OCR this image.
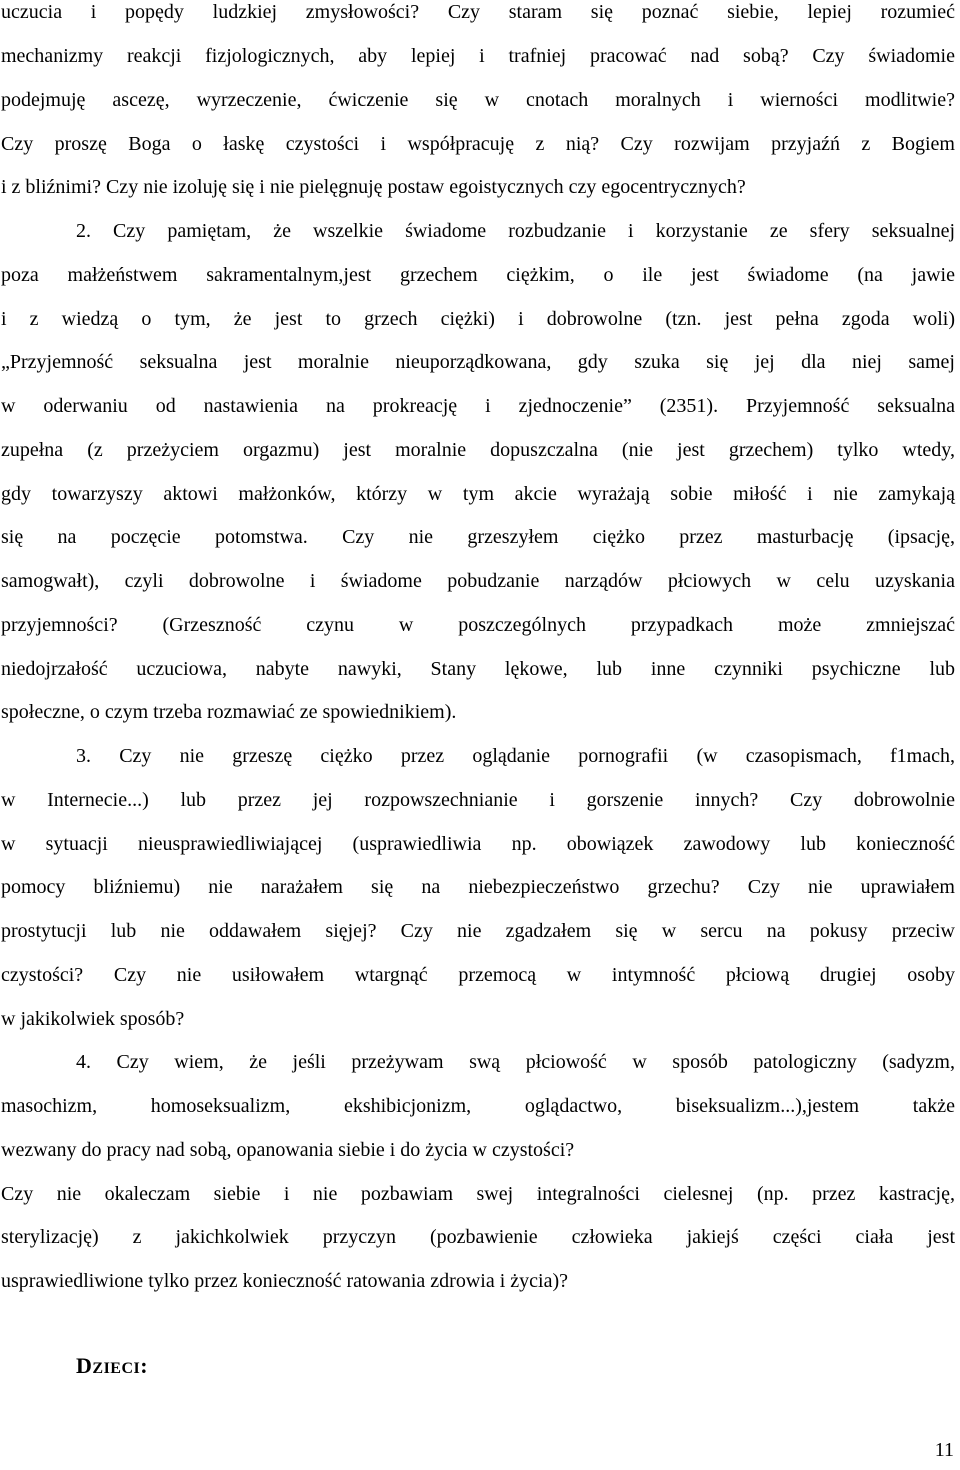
uczucia i popędy ludzkiej zmysłowości? Czy staram się poznać siebie, lepiej rozumieć
mechanizmy reakcji fizjologicznych, aby lepiej i trafniej pracować nad sobą? Czy świadomie
podejmuję ascezę, wyrzeczenie, ćwiczenie się w cnotach moralnych i wierności modlitwie?
Czy proszę Boga o łaskę czystości i współpracuję z nią? Czy rozwijam przyjaźń z Bogiem
i z bliźnimi? Czy nie izoluję się i nie pielęgnuję postaw egoistycznych czy egocentrycznych?
2. Czy pamiętam, że wszelkie świadome rozbudzanie i korzystanie ze sfery seksualnej
poza małżeństwem sakramentalnym,jest grzechem ciężkim, o ile jest świadome (na jawie
i z wiedzą o tym, że jest to grzech ciężki) i dobrowolne (tzn. jest pełna zgoda woli)
„Przyjemność seksualna jest moralnie nieuporządkowana, gdy szuka się jej dla niej samej
w oderwaniu od nastawienia na prokreację i zjednoczenie” (2351). Przyjemność seksualna
zupełna (z przeżyciem orgazmu) jest moralnie dopuszczalna (nie jest grzechem) tylko wtedy,
gdy towarzyszy aktowi małżonków, którzy w tym akcie wyrażają sobie miłość i nie zamykają
się na poczęcie potomstwa. Czy nie grzeszyłem ciężko przez masturbację (ipsację,
samogwałt), czyli dobrowolne i świadome pobudzanie narządów płciowych w celu uzyskania
przyjemności? (Grzeszność czynu w poszczególnych przypadkach może zmniejszać
niedojrzałość uczuciowa, nabyte nawyki, Stany lękowe, lub inne czynniki psychiczne lub
społeczne, o czym trzeba rozmawiać ze spowiednikiem).
3. Czy nie grzeszę ciężko przez oglądanie pornografii (w czasopismach, f1mach,
w Internecie...) lub przez jej rozpowszechnianie i gorszenie innych? Czy dobrowolnie
w sytuacji nieusprawiedliwiającej (usprawiedliwia np. obowiązek zawodowy lub konieczność
pomocy bliźniemu) nie narażałem się na niebezpieczeństwo grzechu? Czy nie uprawiałem
prostytucji lub nie oddawałem sięjej? Czy nie zgadzałem się w sercu na pokusy przeciw
czystości? Czy nie usiłowałem wtargnąć przemocą w intymność płciową drugiej osoby
w jakikolwiek sposób?
4. Czy wiem, że jeśli przeżywam swą płciowość w sposób patologiczny (sadyzm,
masochizm, homoseksualizm, ekshibicjonizm, oglądactwo, biseksualizm...),jestem także
wezwany do pracy nad sobą, opanowania siebie i do życia w czystości?
Czy nie okaleczam siebie i nie pozbawiam swej integralności cielesnej (np. przez kastrację,
sterylizację) z jakichkolwiek przyczyn (pozbawienie człowieka jakiejś części ciała jest
usprawiedliwione tylko przez konieczność ratowania zdrowia i życia)?
DZIECI:
11
